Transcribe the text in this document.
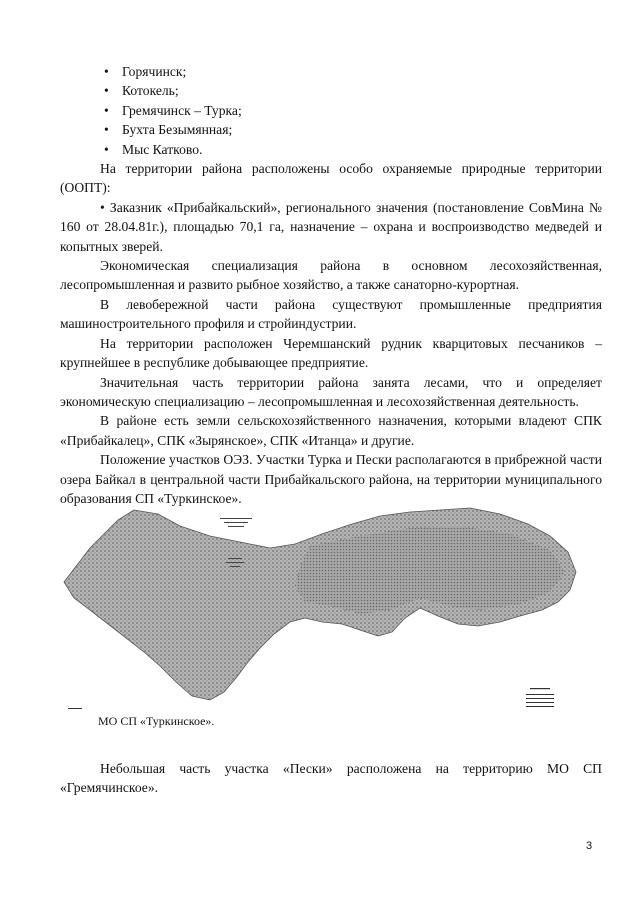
• Горячинск;
• Котокель;
• Гремячинск – Турка;
• Бухта Безымянная;
• Мыс Катково.

На территории района расположены особо охраняемые природные территории (ООПТ):

• Заказник «Прибайкальский», регионального значения (постановление СовМина № 160 от 28.04.81г.), площадью 70,1 га, назначение – охрана и воспроизводство медведей и копытных зверей.

Экономическая специализация района в основном лесохозяйственная, лесопромышленная и развито рыбное хозяйство, а также санаторно-курортная.

В левобережной части района существуют промышленные предприятия машиностроительного профиля и стройиндустрии.

На территории расположен Черемшанский рудник кварцитовых песчаников – крупнейшее в республике добывающее предприятие.

Значительная часть территории района занята лесами, что и определяет экономическую специализацию – лесопромышленная и лесохозяйственная деятельность.

В районе есть земли сельскохозяйственного назначения, которыми владеют СПК «Прибайкалец», СПК «Зырянское», СПК «Итанца» и другие.

Положение участков ОЭЗ. Участки Турка и Пески располагаются в прибрежной части озера Байкал в центральной части Прибайкальского района, на территории муниципального образования СП «Туркинское».

МО СП «Туркинское».

Небольшая часть участка «Пески» расположена на территорию МО СП «Гремячинское».

3
